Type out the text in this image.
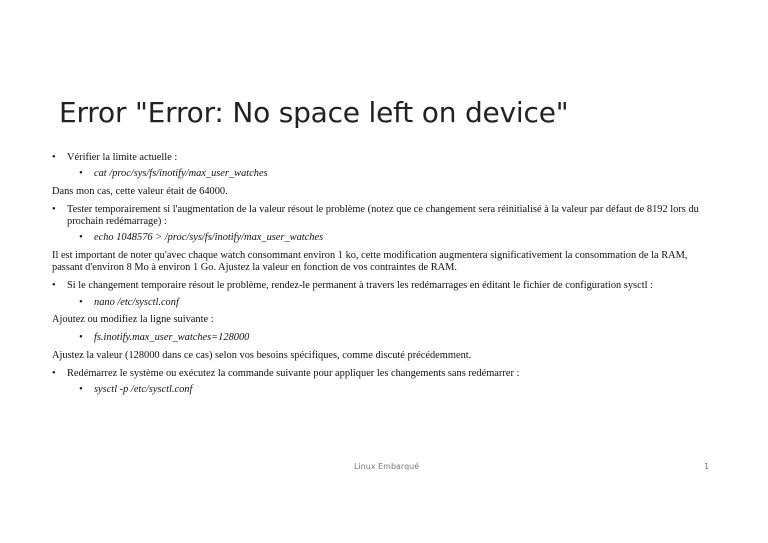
Error "Error: No space left on device"
• Vérifier la limite actuelle :
• cat /proc/sys/fs/inotify/max_user_watches
Dans mon cas, cette valeur était de 64000.
• Tester temporairement si l'augmentation de la valeur résout le problème (notez que ce changement sera réinitialisé à la valeur par défaut de 8192 lors du prochain redémarrage) :
• echo 1048576 > /proc/sys/fs/inotify/max_user_watches
Il est important de noter qu'avec chaque watch consommant environ 1 ko, cette modification augmentera significativement la consommation de la RAM, passant d'environ 8 Mo à environ 1 Go. Ajustez la valeur en fonction de vos contraintes de RAM.
• Si le changement temporaire résout le problème, rendez-le permanent à travers les redémarrages en éditant le fichier de configuration sysctl :
• nano /etc/sysctl.conf
Ajoutez ou modifiez la ligne suivante :
• fs.inotify.max_user_watches=128000
Ajustez la valeur (128000 dans ce cas) selon vos besoins spécifiques, comme discuté précédemment.
• Redémarrez le système ou exécutez la commande suivante pour appliquer les changements sans redémarrer :
• sysctl -p /etc/sysctl.conf
Linux Embarqué	1
